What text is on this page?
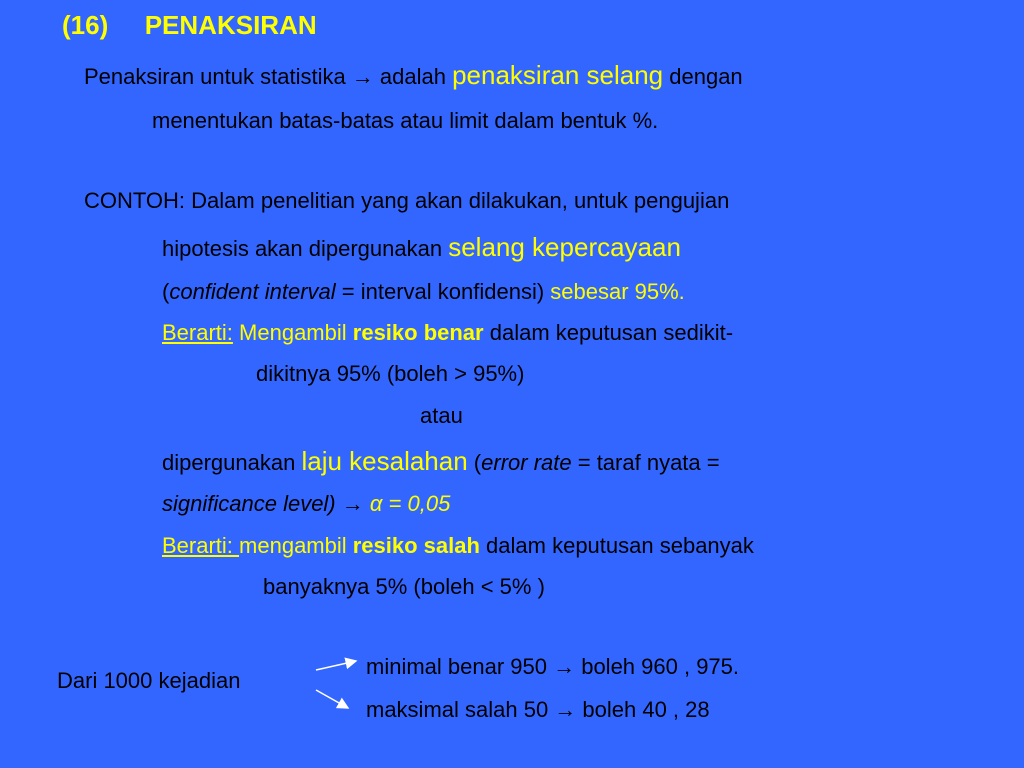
(16) PENAKSIRAN
Penaksiran untuk statistika → adalah penaksiran selang dengan
menentukan batas-batas atau limit dalam bentuk %.
CONTOH: Dalam penelitian yang akan dilakukan, untuk pengujian
hipotesis akan dipergunakan selang kepercayaan
(confident interval = interval konfidensi) sebesar 95%.
Berarti: Mengambil resiko benar dalam keputusan sedikit-
dikitnya 95% (boleh > 95%)
atau
dipergunakan laju kesalahan (error rate = taraf nyata =
significance level) → α = 0,05
Berarti: mengambil resiko salah dalam keputusan sebanyak
banyaknya 5% (boleh < 5% )
Dari 1000 kejadian
minimal benar 950 → boleh 960 , 975.
maksimal salah 50 → boleh 40 , 28
